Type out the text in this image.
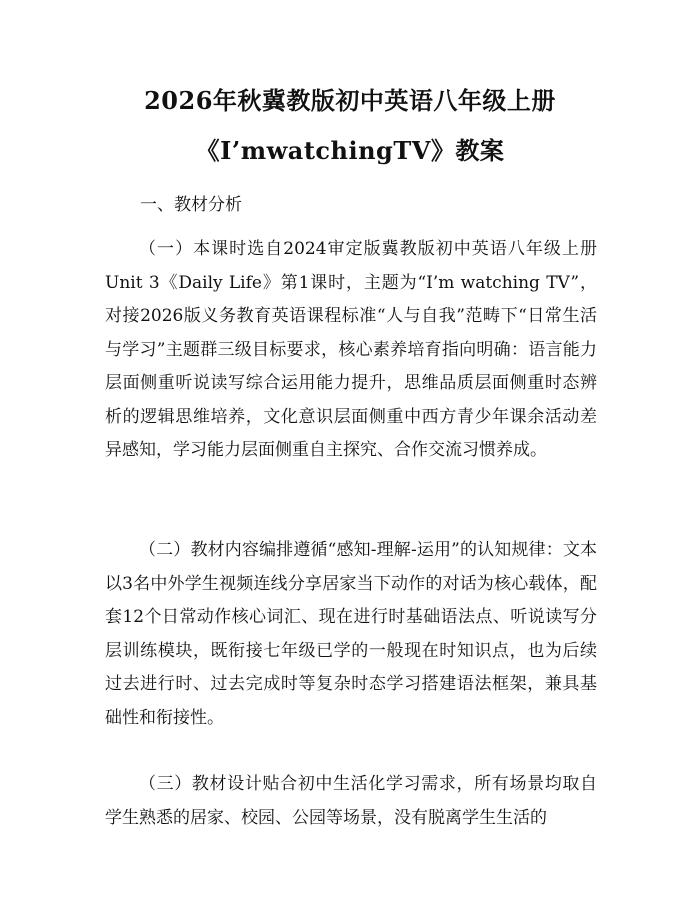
2026年秋冀教版初中英语八年级上册
《I’mwatchingTV》教案
一、教材分析

（一）本课时选自2024审定版冀教版初中英语八年级上册Unit 3《Daily Life》第1课时，主题为“I’m watching TV”，对接2026版义务教育英语课程标准“人与自我”范畴下“日常生活与学习”主题群三级目标要求，核心素养培育指向明确：语言能力层面侧重听说读写综合运用能力提升，思维品质层面侧重时态辨析的逻辑思维培养，文化意识层面侧重中西方青少年课余活动差异感知，学习能力层面侧重自主探究、合作交流习惯养成。

（二）教材内容编排遵循“感知-理解-运用”的认知规律：文本以3名中外学生视频连线分享居家当下动作的对话为核心载体，配套12个日常动作核心词汇、现在进行时基础语法点、听说读写分层训练模块，既衔接七年级已学的一般现在时知识点，也为后续过去进行时、过去完成时等复杂时态学习搭建语法框架，兼具基础性和衔接性。

（三）教材设计贴合初中生活化学习需求，所有场景均取自学生熟悉的居家、校园、公园等场景，没有脱离学生生活的
